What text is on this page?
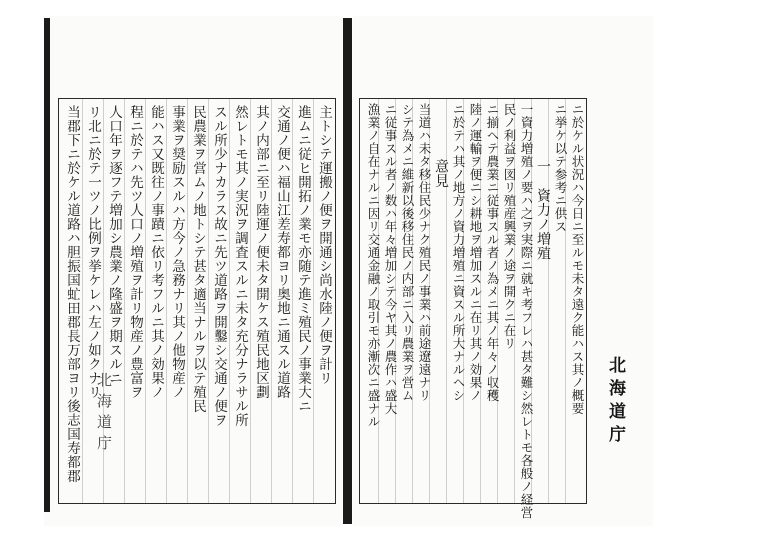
主トシテ運搬ノ便ヲ開通シ尚水陸ノ便ヲ計リ
進ムニ従ヒ開拓ノ業モ亦随テ進ミ殖民ノ事業大ニ
交通ノ便ハ福山江差寿都ヨリ奥地ニ通スル道路
其ノ内部ニ至リ陸運ノ便未タ開ケス殖民地区劃
然レトモ其ノ実況ヲ調査スルニ未タ充分ナラサル所
スル所少ナカラス故ニ先ツ道路ヲ開鑿シ交通ノ便ヲ
民農業ヲ営ムノ地トシテ甚タ適当ナルヲ以テ殖民
事業ヲ奨励スルハ方今ノ急務ナリ其ノ他物産ノ
能ハス又既往ノ事蹟ニ依リ考フルニ其ノ効果ノ
程ニ於テハ先ツ人口ノ増殖ヲ計リ物産ノ豊富ヲ
人口年ヲ逐フテ増加シ農業ノ隆盛ヲ期スルニ
リ北ニ於テ一ツノ比例ヲ挙ケレハ左ノ如クナリ
当郡下ニ於ケル道路ハ胆振国虻田郡長万部ヨリ後志国寿都郡 北海道庁	ニ於ケル状況ハ今日ニ至ルモ未タ遠ク能ハス其ノ概要
ニ挙ケ以テ参考ニ供ス
一　資力ノ増殖
一資力増殖ノ要ハ之ヲ実際ニ就キ考フレハ甚タ難シ然レトモ各般ノ経営
民ノ利益ヲ図リ殖産興業ノ途ヲ開クニ在リ
ニ揃ヘテ農業ニ従事スル者ノ為メニ其ノ年々ノ収穫
陸ノ運輸ヲ便ニシ耕地ヲ増加スルニ在リ其ノ効果ノ
ニ於テハ其ノ地方ノ資力増殖ニ資スル所大ナルヘシ
意見
当道ハ未タ移住民少ナク殖民ノ事業ハ前途遼遠ナリ
シテ為メニ維新以後移住民ノ内部ニ入リ農業ヲ営ム
ニ従事スル者ノ数ハ年々増加シテ今ヤ其ノ農作ハ盛大
漁業ノ自在ナルニ因リ交通金融ノ取引モ亦漸次ニ盛ナル	北海道庁
